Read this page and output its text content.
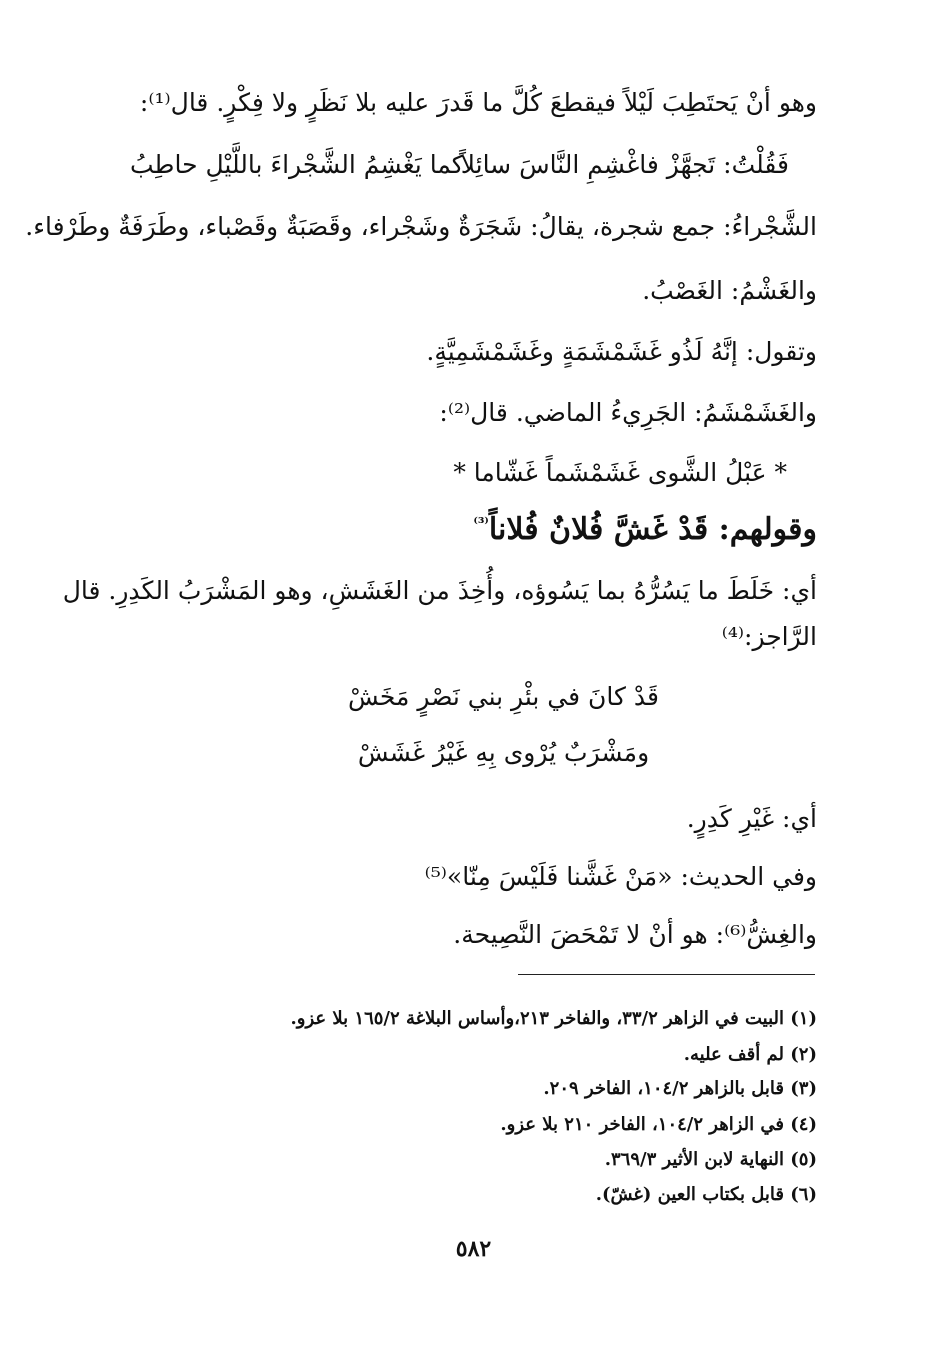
وهو أنْ يَحتَطِبَ لَيْلاً فيقطعَ كُلَّ ما قَدرَ عليه بلا نَظَرٍ ولا فِكْرٍ. قال⁽¹⁾:
فَقُلْتُ: تَجهَّزْ فاغْشِمِ النَّاسَ سائِلاً
كما يَغْشِمُ الشَّجْراءَ باللَّيْلِ حاطِبُ
الشَّجْراءُ: جمع شجرة، يقالُ: شَجَرَةٌ وشَجْراء، وقَصَبَةٌ وقَصْباء، وطَرَفَةٌ وطَرْفاء.
والغَشْمُ: الغَصْبُ.
وتقول: إنَّهُ لَذُو غَشَمْشَمَةٍ وغَشَمْشَمِيَّةٍ.
والغَشَمْشَمُ: الجَرِيءُ الماضي. قال⁽²⁾:
* عَبْلُ الشَّوى غَشَمْشَماً غَشّاما *
وقولهم: قَدْ غَشَّ فُلانٌ فُلاناً$^{^{(3)}}$
أي: خَلَطَ ما يَسُرُّهُ بما يَسُوؤه، وأُخِذَ من الغَشَشِ، وهو المَشْرَبُ الكَدِرِ. قال
الرَّاجز:⁽⁴⁾
قَدْ كانَ في بئْرِ بني نَصْرٍ مَخَشْ
ومَشْرَبٌ يُرْوى بِهِ غَيْرُ غَشَشْ
أي: غَيْرِ كَدِرٍ.
وفي الحديث: «مَنْ غَشَّنا فَلَيْسَ مِنّا»⁽⁵⁾
والغِشُّ⁽⁶⁾: هو أنْ لا تَمْحَضَ النَّصِيحة.
(١) البيت في الزاهر ٣٣/٢، والفاخر ٢١٣،وأساس البلاغة ١٦٥/٢ بلا عزو.
(٢) لم أقف عليه.
(٣) قابل بالزاهر ١٠٤/٢، الفاخر ٢٠٩.
(٤) في الزاهر ١٠٤/٢، الفاخر ٢١٠ بلا عزو.
(٥) النهاية لابن الأثير ٣٦٩/٣.
(٦) قابل بكتاب العين (غشّ).
٥٨٢
